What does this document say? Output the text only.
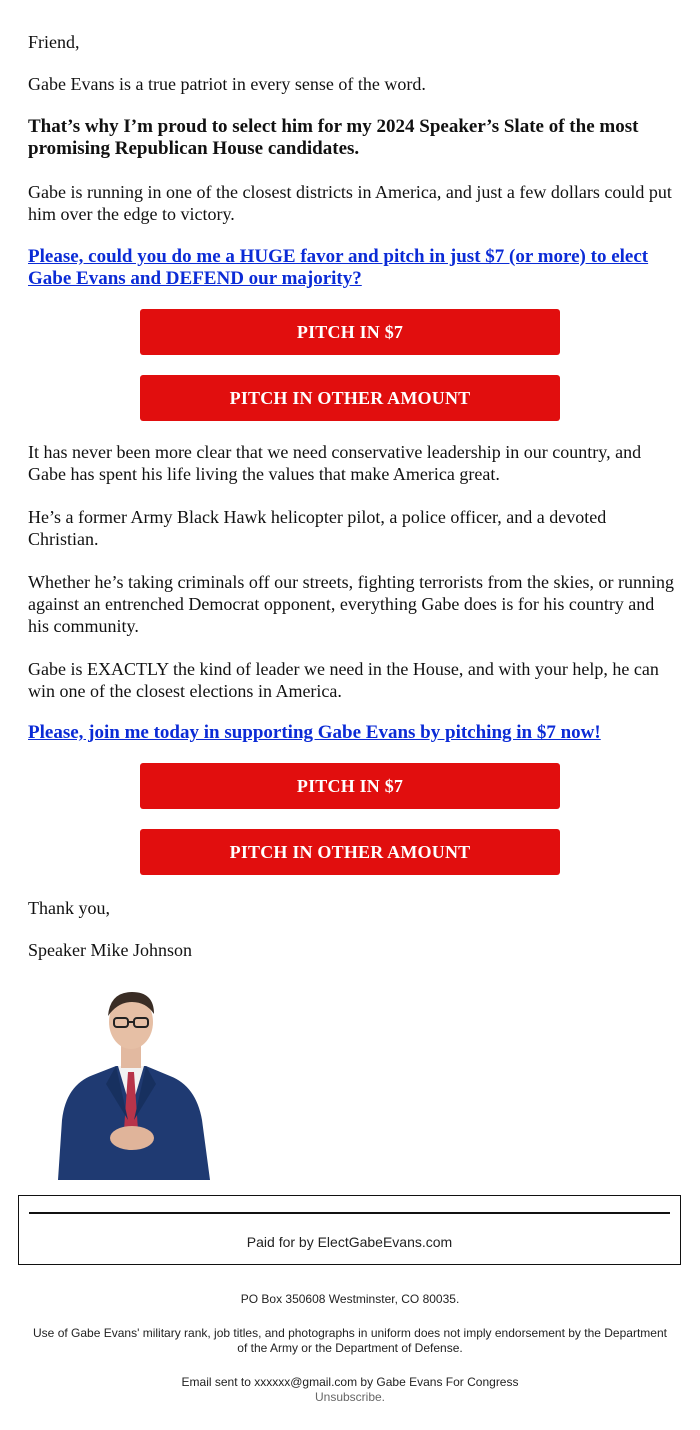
Friend,

Gabe Evans is a true patriot in every sense of the word.

That’s why I’m proud to select him for my 2024 Speaker’s Slate of the most promising Republican House candidates.

Gabe is running in one of the closest districts in America, and just a few dollars could put him over the edge to victory.

Please, could you do me a HUGE favor and pitch in just $7 (or more) to elect Gabe Evans and DEFEND our majority?
PITCH IN $7
PITCH IN OTHER AMOUNT

It has never been more clear that we need conservative leadership in our country, and Gabe has spent his life living the values that make America great.

He’s a former Army Black Hawk helicopter pilot, a police officer, and a devoted Christian.

Whether he’s taking criminals off our streets, fighting terrorists from the skies, or running against an entrenched Democrat opponent, everything Gabe does is for his country and his community.

Gabe is EXACTLY the kind of leader we need in the House, and with your help, he can win one of the closest elections in America.

Please, join me today in supporting Gabe Evans by pitching in $7 now!
PITCH IN $7
PITCH IN OTHER AMOUNT

Thank you,

Speaker Mike Johnson

Paid for by ElectGabeEvans.com

PO Box 350608 Westminster, CO 80035.

Use of Gabe Evans' military rank, job titles, and photographs in uniform does not imply endorsement by the Department of the Army or the Department of Defense.

Email sent to xxxxxx@gmail.com by Gabe Evans For Congress

Unsubscribe.
